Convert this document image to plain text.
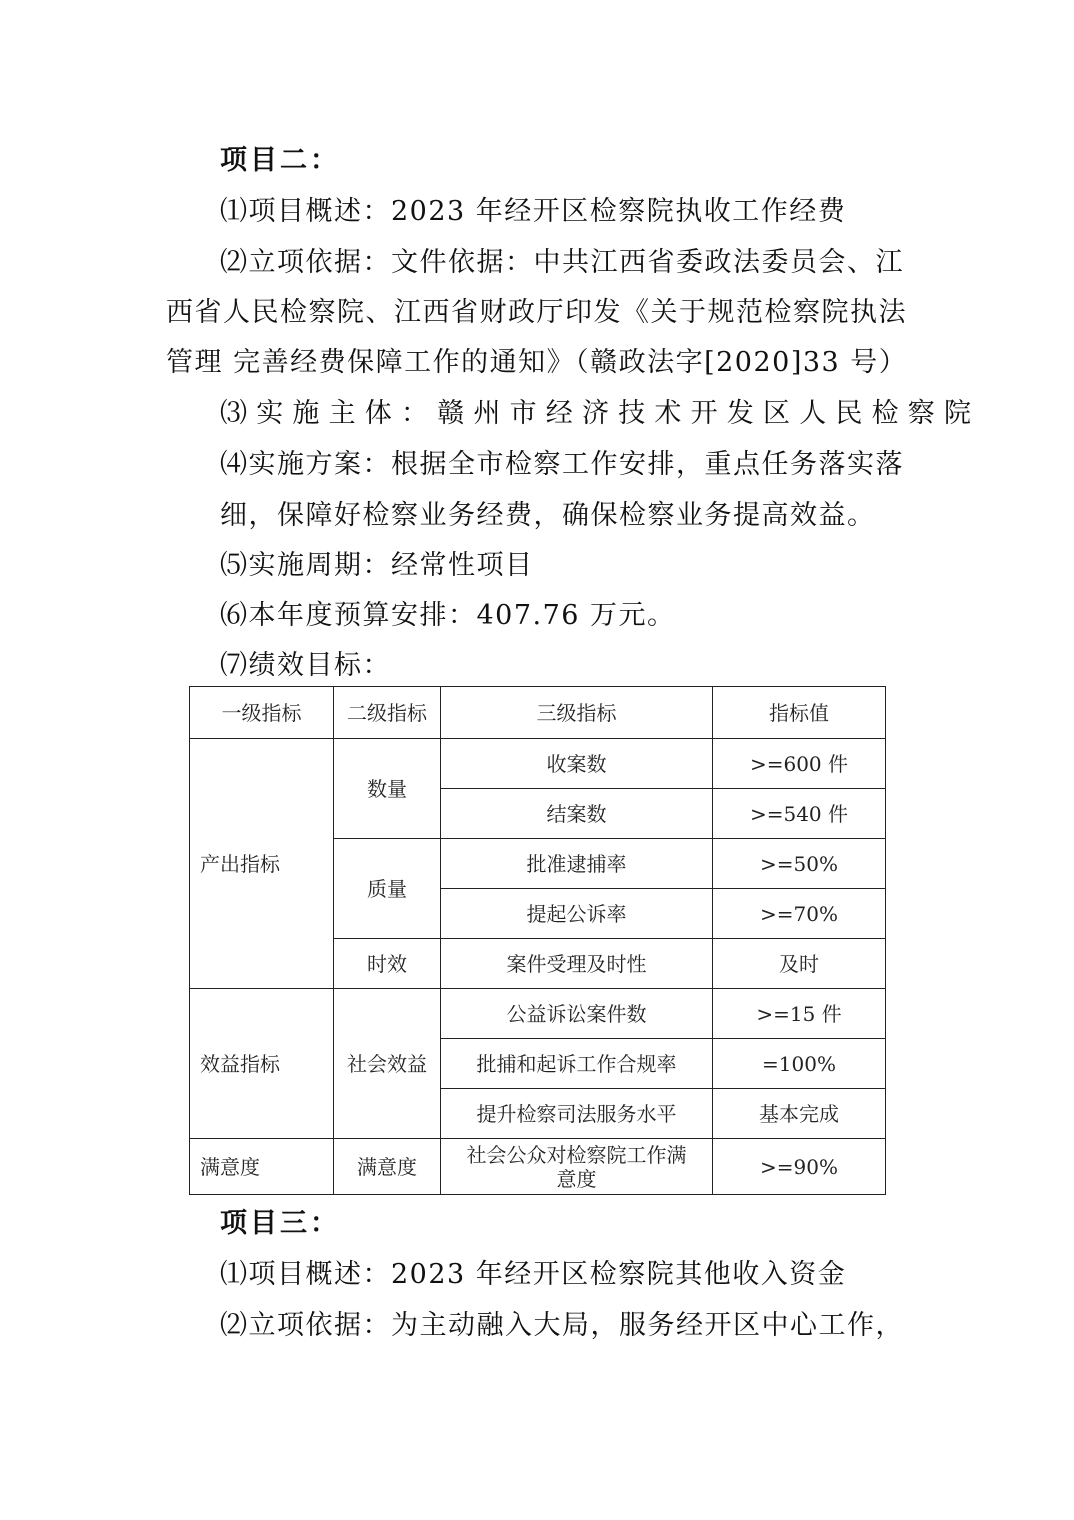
项目二：
⑴项目概述：2023 年经开区检察院执收工作经费
⑵立项依据：文件依据：中共江西省委政法委员会、江
西省人民检察院、江西省财政厅印发《关于规范检察院执法
管理 完善经费保障工作的通知》（赣政法字[2020]33 号）
⑶实施主体：赣州市经济技术开发区人民检察院
⑷实施方案：根据全市检察工作安排，重点任务落实落
细，保障好检察业务经费，确保检察业务提高效益。
⑸实施周期：经常性项目
⑹本年度预算安排：407.76 万元。
⑺绩效目标：
一级指标	二级指标	三级指标	指标值
产出指标	数量	收案数	>=600 件
		结案数	>=540 件
	质量	批准逮捕率	>=50%
		提起公诉率	>=70%
	时效	案件受理及时性	及时
效益指标	社会效益	公益诉讼案件数	>=15 件
		批捕和起诉工作合规率	=100%
		提升检察司法服务水平	基本完成
满意度	满意度	社会公众对检察院工作满
意度	>=90%
项目三：
⑴项目概述：2023 年经开区检察院其他收入资金
⑵立项依据：为主动融入大局，服务经开区中心工作，
